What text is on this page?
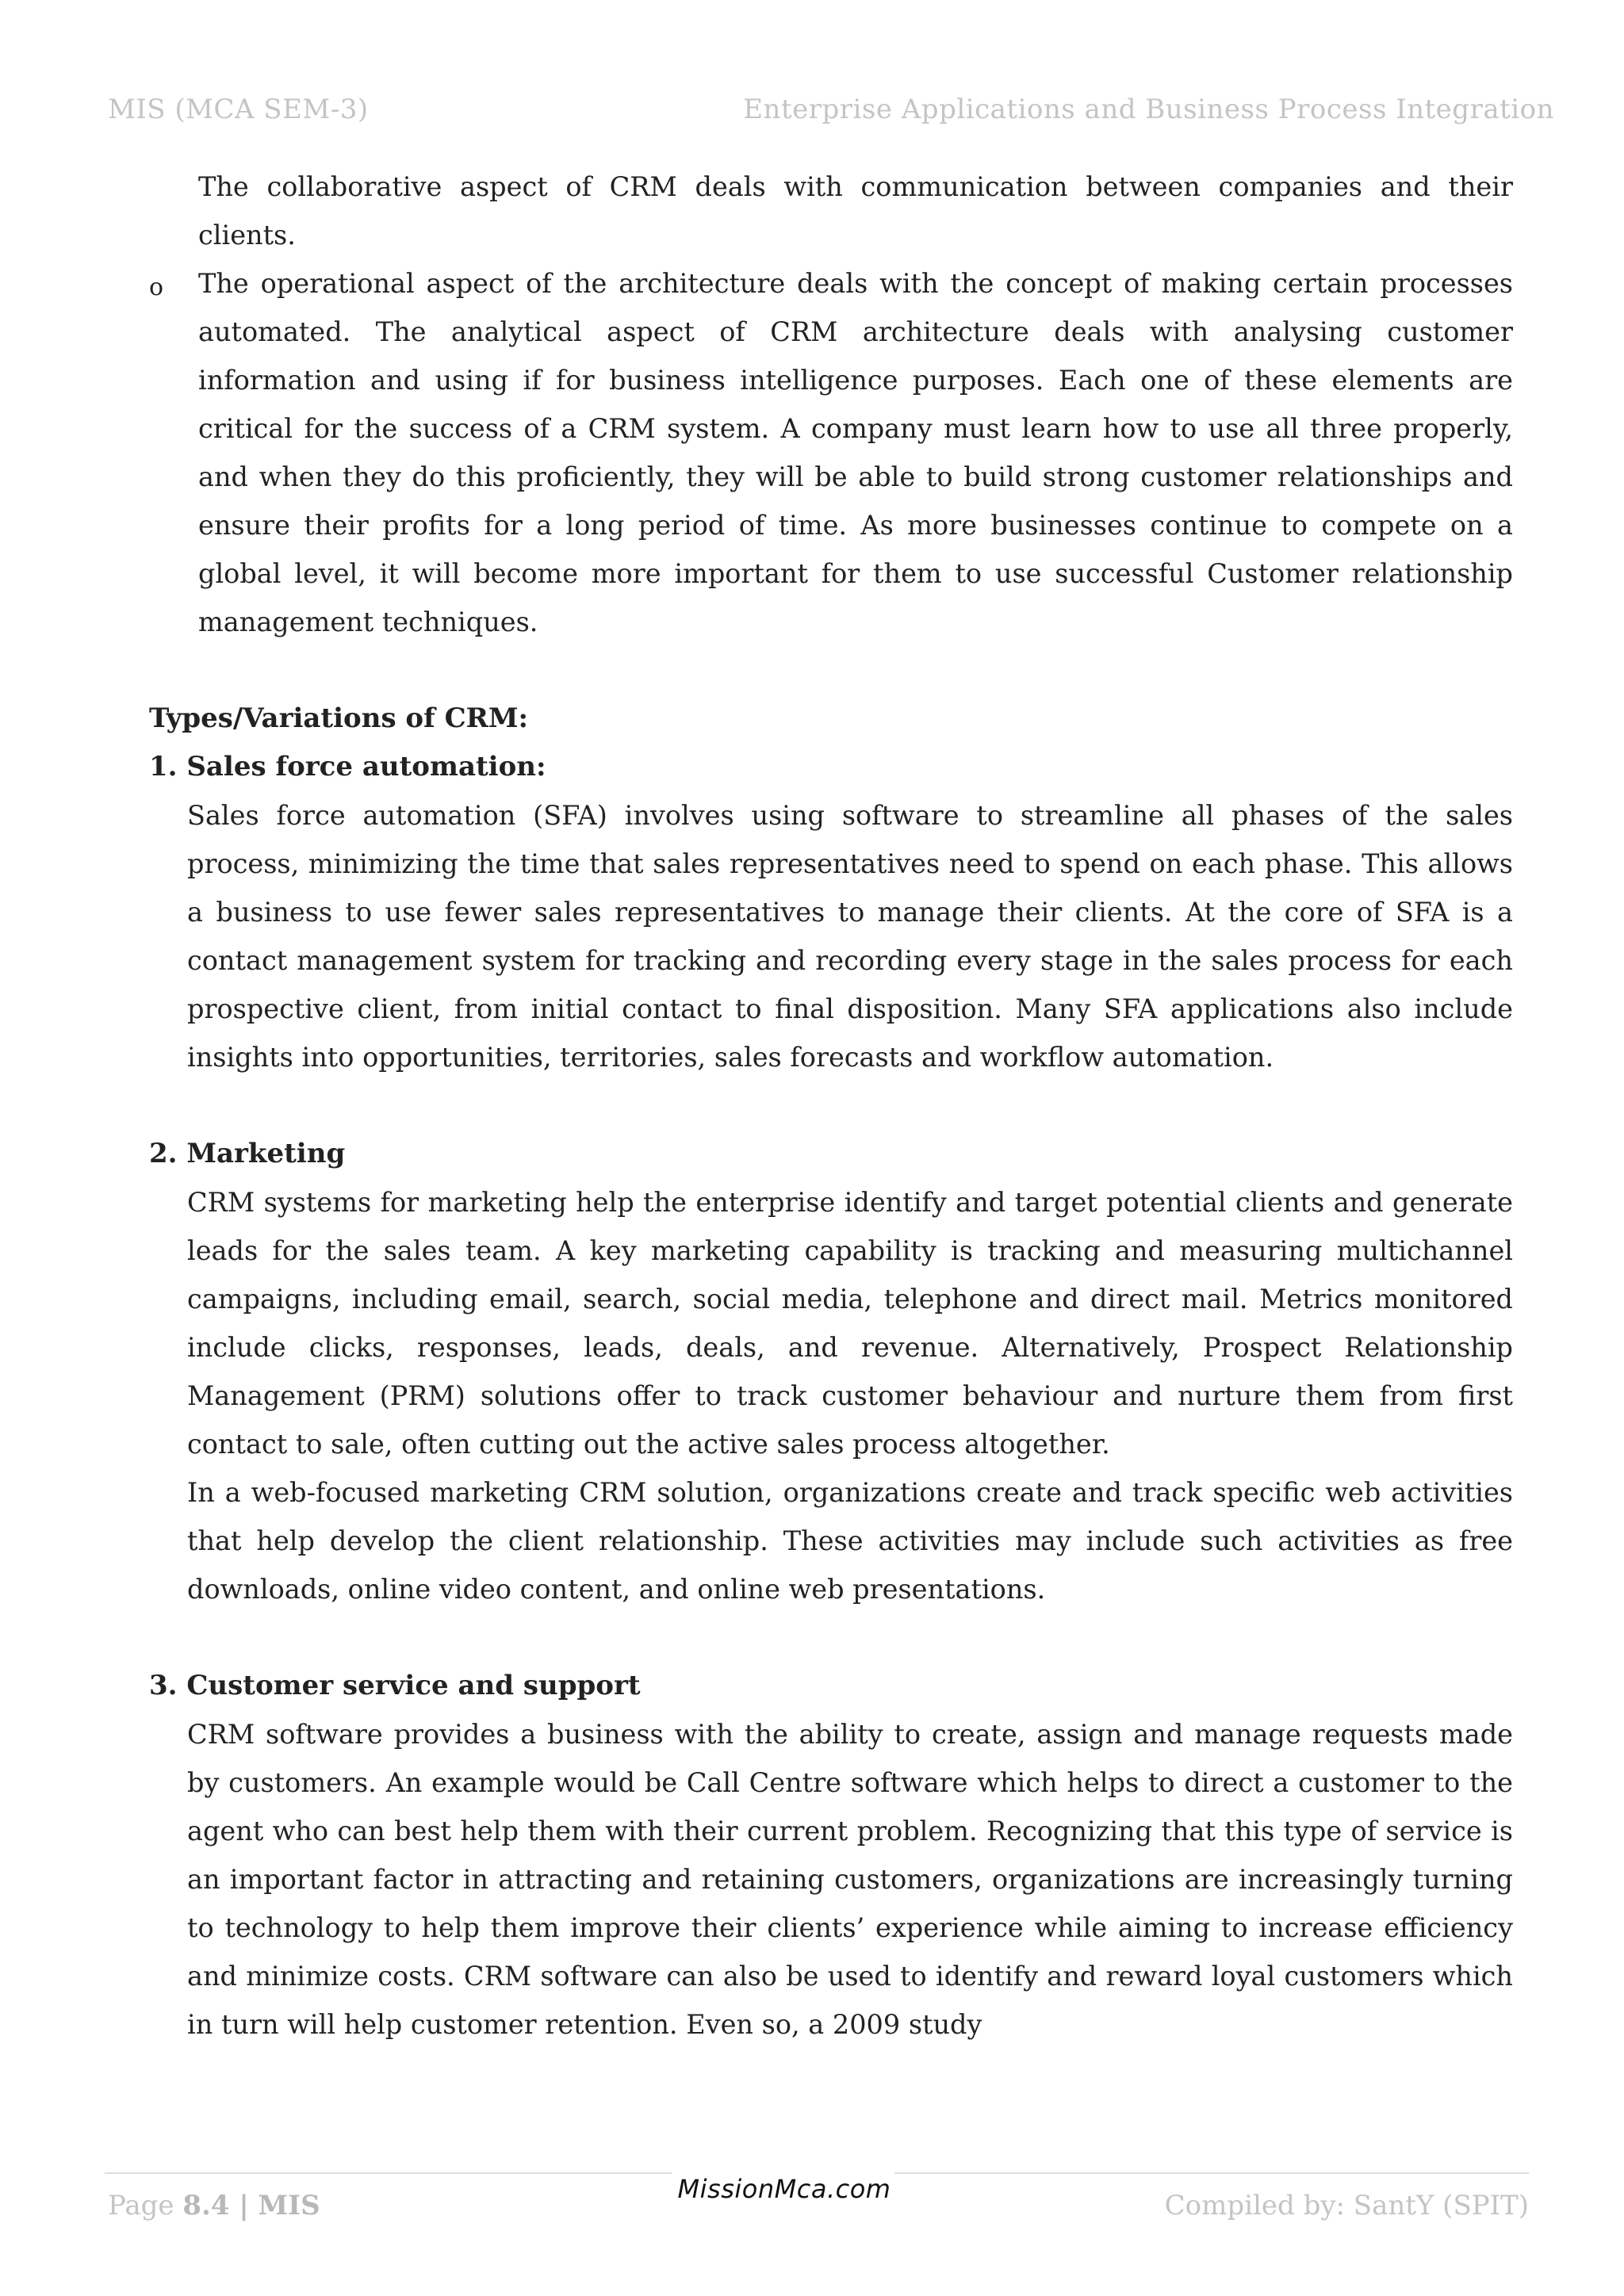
MIS (MCA SEM-3)	Enterprise Applications and Business Process Integration

The collaborative aspect of CRM deals with communication between companies and their clients.

o The operational aspect of the architecture deals with the concept of making certain processes automated. The analytical aspect of CRM architecture deals with analysing customer information and using if for business intelligence purposes. Each one of these elements are critical for the success of a CRM system. A company must learn how to use all three properly, and when they do this proficiently, they will be able to build strong customer relationships and ensure their profits for a long period of time. As more businesses continue to compete on a global level, it will become more important for them to use successful Customer relationship management techniques.

Types/Variations of CRM:
1. Sales force automation:

Sales force automation (SFA) involves using software to streamline all phases of the sales process, minimizing the time that sales representatives need to spend on each phase. This allows a business to use fewer sales representatives to manage their clients. At the core of SFA is a contact management system for tracking and recording every stage in the sales process for each prospective client, from initial contact to final disposition. Many SFA applications also include insights into opportunities, territories, sales forecasts and workflow automation.

2. Marketing

CRM systems for marketing help the enterprise identify and target potential clients and generate leads for the sales team. A key marketing capability is tracking and measuring multichannel campaigns, including email, search, social media, telephone and direct mail. Metrics monitored include clicks, responses, leads, deals, and revenue. Alternatively, Prospect Relationship Management (PRM) solutions offer to track customer behaviour and nurture them from first contact to sale, often cutting out the active sales process altogether.

In a web-focused marketing CRM solution, organizations create and track specific web activities that help develop the client relationship. These activities may include such activities as free downloads, online video content, and online web presentations.

3. Customer service and support

CRM software provides a business with the ability to create, assign and manage requests made by customers. An example would be Call Centre software which helps to direct a customer to the agent who can best help them with their current problem. Recognizing that this type of service is an important factor in attracting and retaining customers, organizations are increasingly turning to technology to help them improve their clients’ experience while aiming to increase efficiency and minimize costs. CRM software can also be used to identify and reward loyal customers which in turn will help customer retention. Even so, a 2009 study

MissionMca.com
Page 8.4 | MIS	Compiled by: SantY (SPIT)
